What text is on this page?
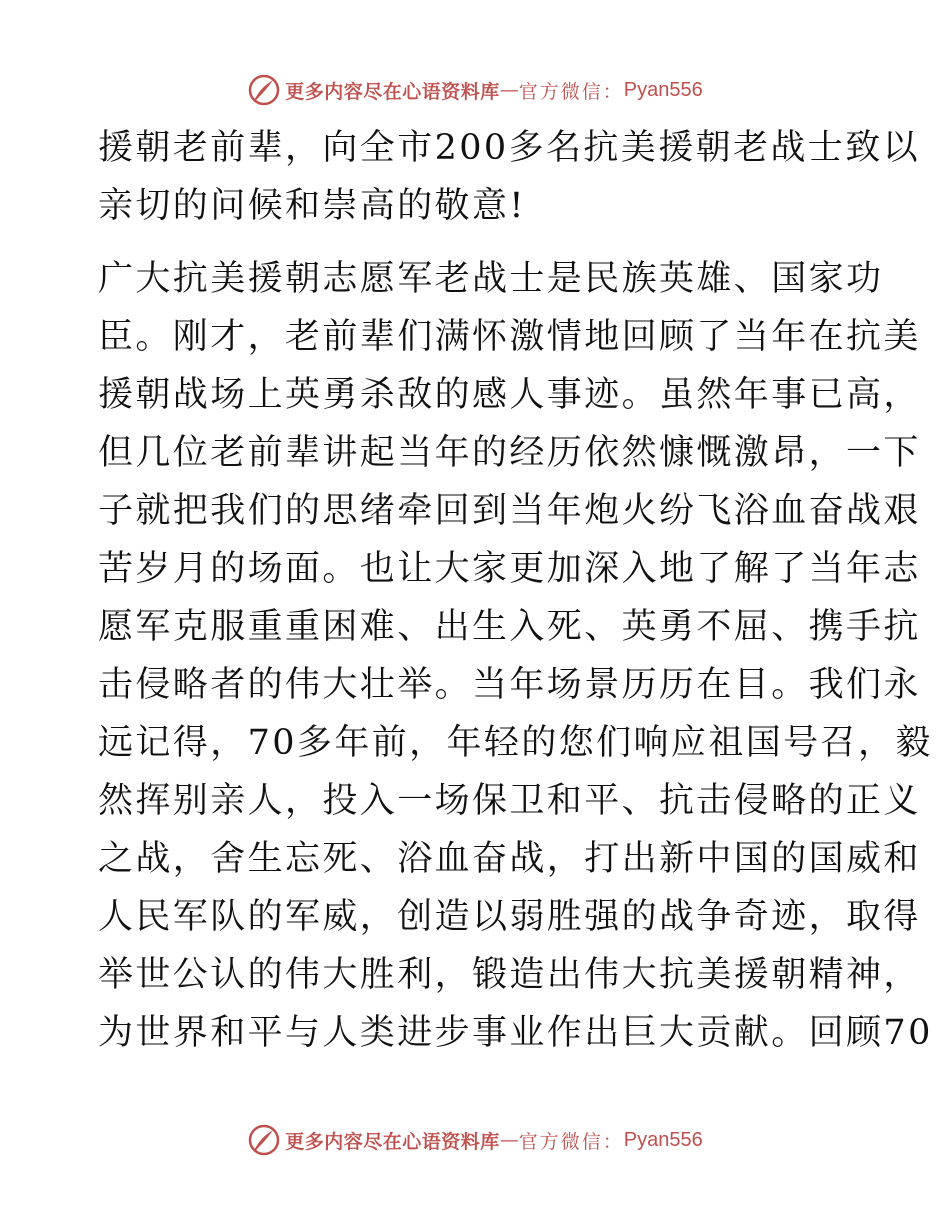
更多内容尽在心语资料库 — 官方微信： Pyan556
援朝老前辈，向全市200多名抗美援朝老战士致以
亲切的问候和崇高的敬意!
广大抗美援朝志愿军老战士是民族英雄、国家功
臣。刚才，老前辈们满怀激情地回顾了当年在抗美
援朝战场上英勇杀敌的感人事迹。虽然年事已高，
但几位老前辈讲起当年的经历依然慷慨激昂，一下
子就把我们的思绪牵回到当年炮火纷飞浴血奋战艰
苦岁月的场面。也让大家更加深入地了解了当年志
愿军克服重重困难、出生入死、英勇不屈、携手抗
击侵略者的伟大壮举。当年场景历历在目。我们永
远记得，70多年前，年轻的您们响应祖国号召，毅
然挥别亲人，投入一场保卫和平、抗击侵略的正义
之战，舍生忘死、浴血奋战，打出新中国的国威和
人民军队的军威，创造以弱胜强的战争奇迹，取得
举世公认的伟大胜利，锻造出伟大抗美援朝精神，
为世界和平与人类进步事业作出巨大贡献。回顾70
更多内容尽在心语资料库 — 官方微信： Pyan556
